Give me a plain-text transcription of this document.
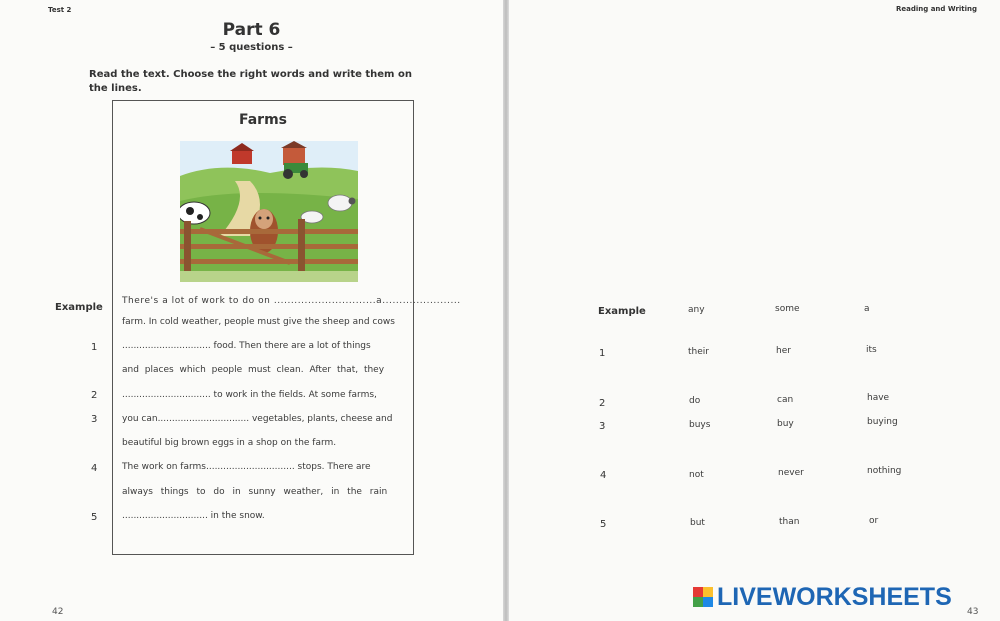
Test 2
Part 6
– 5 questions –
Read the text. Choose the right words and write them on the lines.
Farms
There's a lot of work to do on ..............................a.......................
farm. In cold weather, people must give the sheep and cows
............................... food. Then there are a lot of things
and places which people must clean. After that, they
............................... to work in the fields. At some farms,
you can................................ vegetables, plants, cheese and
beautiful big brown eggs in a shop on the farm.
The work on farms............................... stops. There are
always things to do in sunny weather, in the rain
.............................. in the snow.
Example
1
2
3
4
5
42
Reading and Writing
Example	any	some	a
1	their	her	its
2	do	can	have
3	buys	buy	buying
4	not	never	nothing
5	but	than	or
43
LIVEWORKSHEETS
